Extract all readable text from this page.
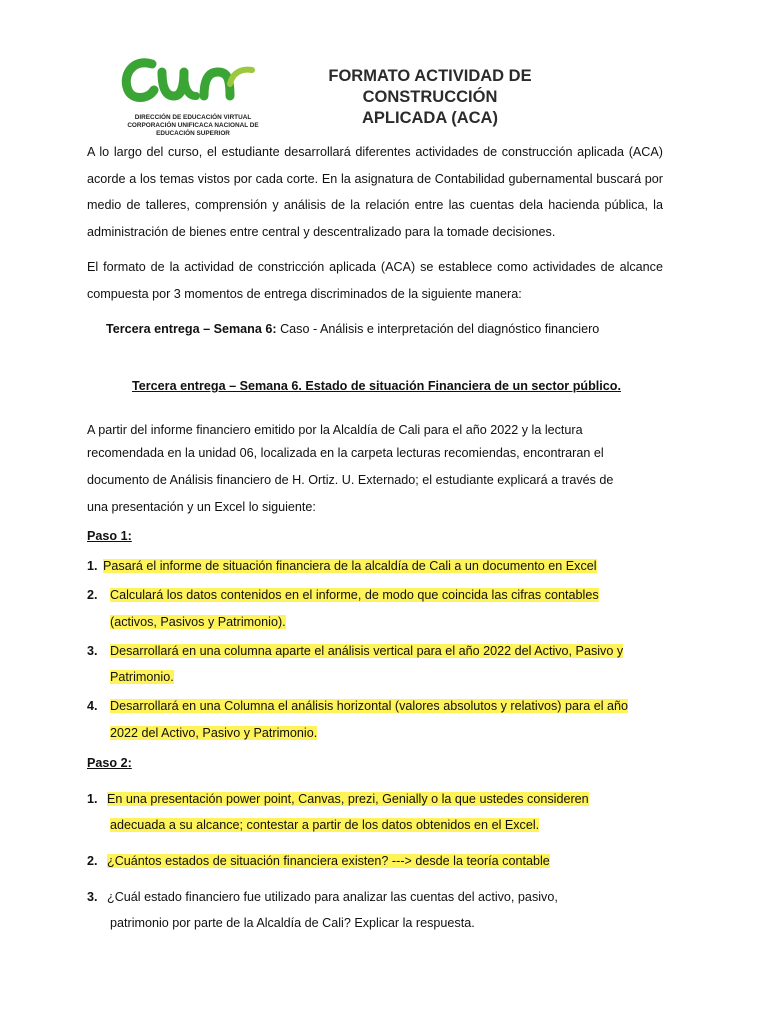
DIRECCIÓN DE EDUCACIÓN VIRTUAL
CORPORACIÓN UNIFICACA NACIONAL DE
EDUCACIÓN SUPERIOR
FORMATO ACTIVIDAD DE CONSTRUCCIÓN
APLICADA (ACA)
A lo largo del curso, el estudiante desarrollará diferentes actividades de construcción aplicada (ACA) acorde a los temas vistos por cada corte. En la asignatura de Contabilidad gubernamental buscará por medio de talleres, comprensión y análisis de la relación entre las cuentas dela hacienda pública, la administración de bienes entre central y descentralizado para la tomade decisiones.
El formato de la actividad de constricción aplicada (ACA) se establece como actividades de alcance compuesta por 3 momentos de entrega discriminados de la siguiente manera:
Tercera entrega – Semana 6: Caso - Análisis e interpretación del diagnóstico financiero
Tercera entrega – Semana 6. Estado de situación Financiera de un sector público.
A partir del informe financiero emitido por la Alcaldía de Cali para el año 2022 y la lectura
recomendada en la unidad 06, localizada en la carpeta lecturas recomiendas, encontraran el
documento de Análisis financiero de H. Ortiz. U. Externado; el estudiante explicará a través de
una presentación y un Excel lo siguiente:
Paso 1:
1. Pasará el informe de situación financiera de la alcaldía de Cali a un documento en Excel
2. Calculará los datos contenidos en el informe, de modo que coincida las cifras contables
(activos, Pasivos y Patrimonio).
3. Desarrollará en una columna aparte el análisis vertical para el año 2022 del Activo, Pasivo y
Patrimonio.
4. Desarrollará en una Columna el análisis horizontal (valores absolutos y relativos) para el año
2022 del Activo, Pasivo y Patrimonio.
Paso 2:
1. En una presentación power point, Canvas, prezi, Genially o la que ustedes consideren
adecuada a su alcance; contestar a partir de los datos obtenidos en el Excel.
2. ¿Cuántos estados de situación financiera existen? ---> desde la teoría contable
3. ¿Cuál estado financiero fue utilizado para analizar las cuentas del activo, pasivo,
patrimonio por parte de la Alcaldía de Cali? Explicar la respuesta.
